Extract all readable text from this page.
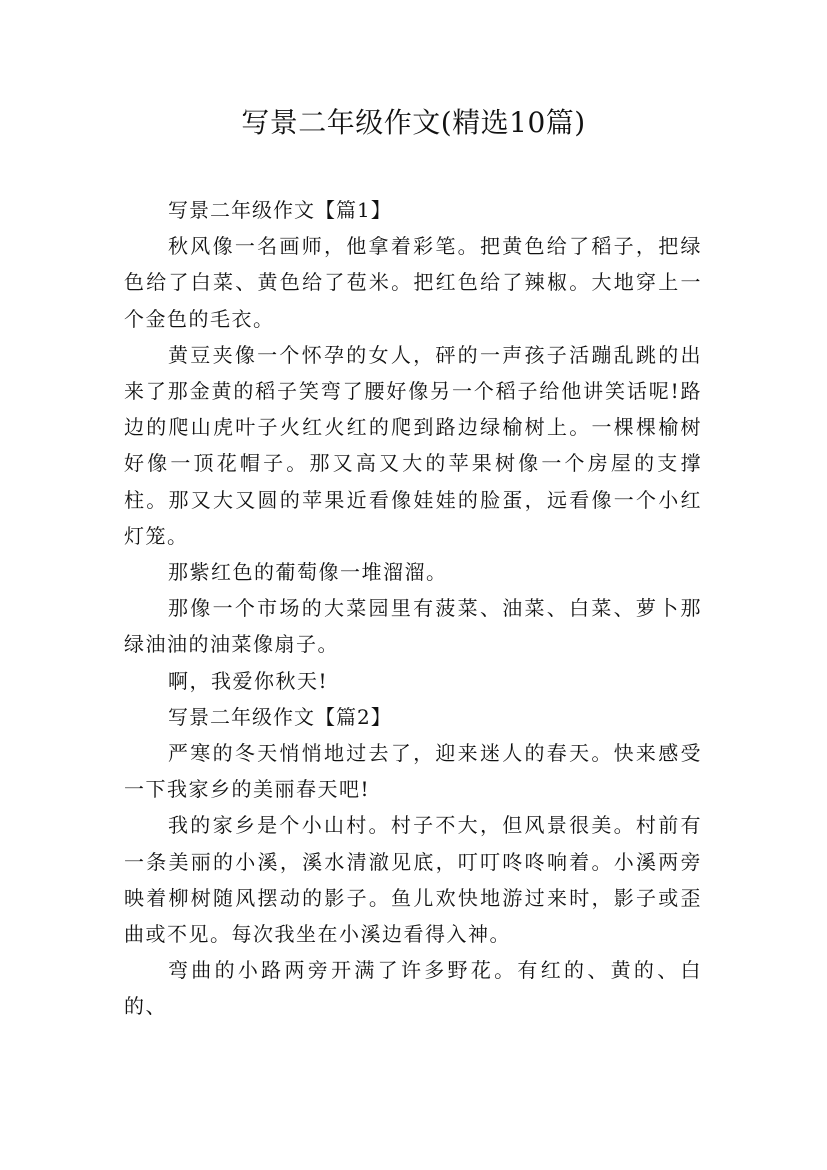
写景二年级作文(精选10篇)

写景二年级作文【篇1】

秋风像一名画师，他拿着彩笔。把黄色给了稻子，把绿色给了白菜、黄色给了苞米。把红色给了辣椒。大地穿上一个金色的毛衣。

黄豆夹像一个怀孕的女人，砰的一声孩子活蹦乱跳的出来了那金黄的稻子笑弯了腰好像另一个稻子给他讲笑话呢!路边的爬山虎叶子火红火红的爬到路边绿榆树上。一棵棵榆树好像一顶花帽子。那又高又大的苹果树像一个房屋的支撑柱。那又大又圆的苹果近看像娃娃的脸蛋，远看像一个小红灯笼。

那紫红色的葡萄像一堆溜溜。

那像一个市场的大菜园里有菠菜、油菜、白菜、萝卜那绿油油的油菜像扇子。

啊，我爱你秋天!

写景二年级作文【篇2】

严寒的冬天悄悄地过去了，迎来迷人的春天。快来感受一下我家乡的美丽春天吧!

我的家乡是个小山村。村子不大，但风景很美。村前有一条美丽的小溪，溪水清澈见底，叮叮咚咚响着。小溪两旁映着柳树随风摆动的影子。鱼儿欢快地游过来时，影子或歪曲或不见。每次我坐在小溪边看得入神。

弯曲的小路两旁开满了许多野花。有红的、黄的、白的、
